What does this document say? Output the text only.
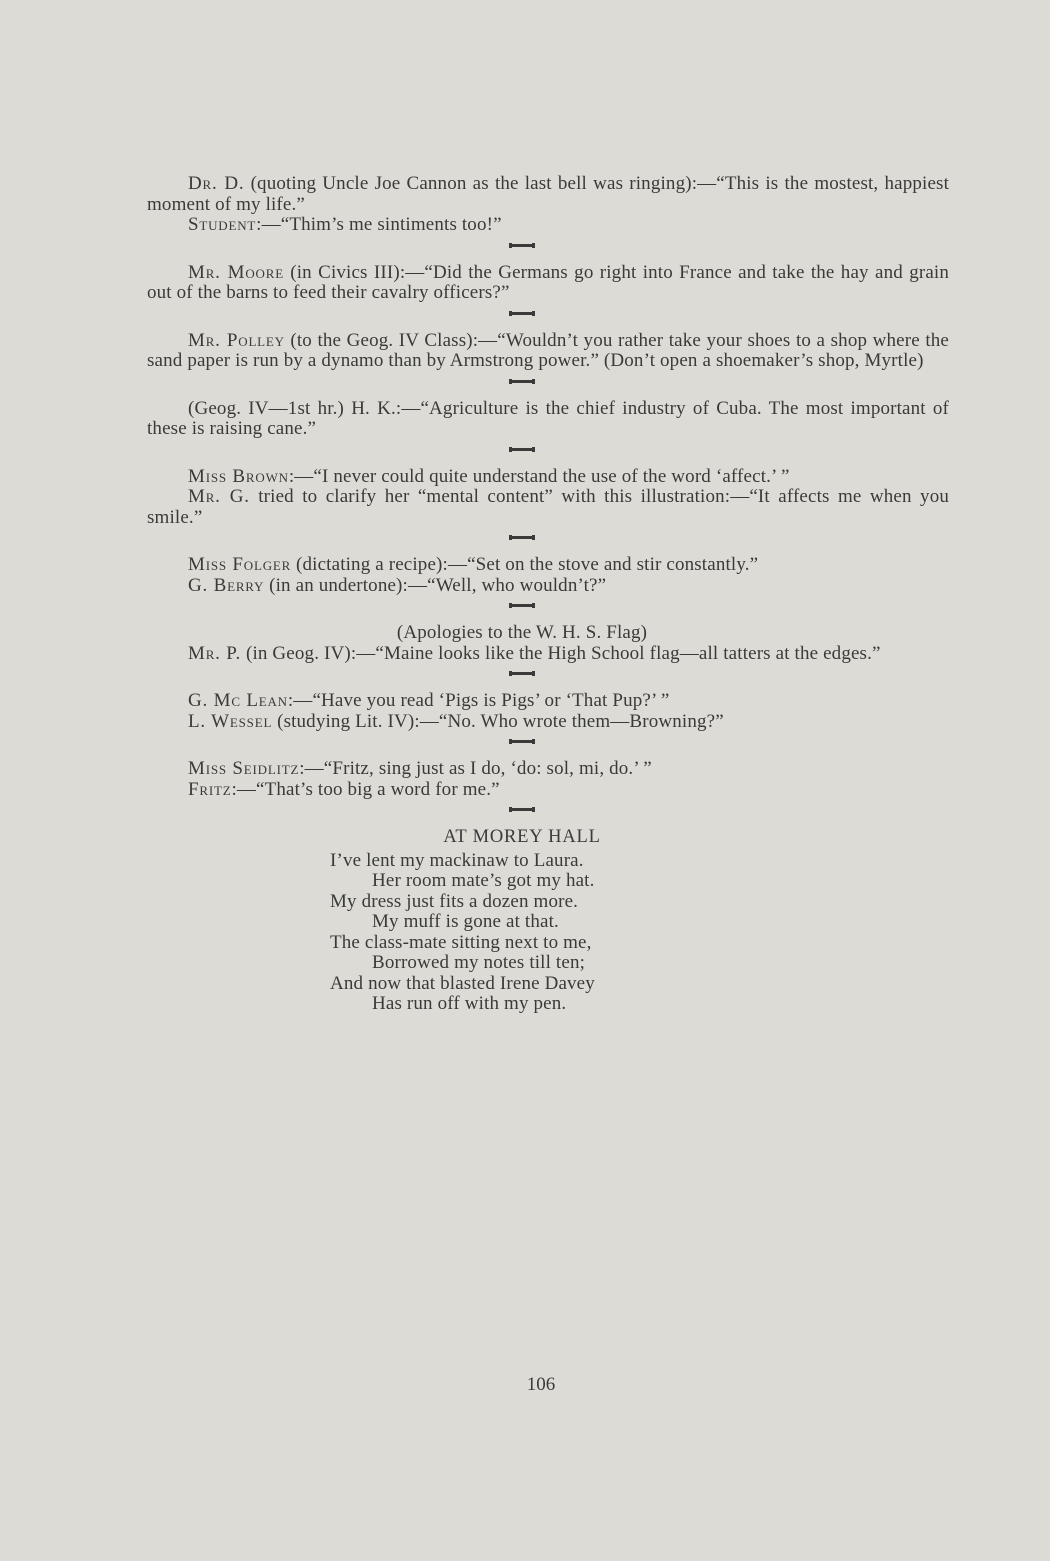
Dr. D. (quoting Uncle Joe Cannon as the last bell was ringing):—“This is the mostest, happiest moment of my life.”

Student:—“Thim’s me sintiments too!”

Mr. Moore (in Civics III):—“Did the Germans go right into France and take the hay and grain out of the barns to feed their cavalry officers?”

Mr. Polley (to the Geog. IV Class):—“Wouldn’t you rather take your shoes to a shop where the sand paper is run by a dynamo than by Armstrong power.” (Don’t open a shoemaker’s shop, Myrtle)

(Geog. IV—1st hr.) H. K.:—“Agriculture is the chief industry of Cuba. The most important of these is raising cane.”

Miss Brown:—“I never could quite understand the use of the word ‘affect.’ ”

Mr. G. tried to clarify her “mental content” with this illustration:—“It affects me when you smile.”

Miss Folger (dictating a recipe):—“Set on the stove and stir constantly.”

G. Berry (in an undertone):—“Well, who wouldn’t?”

(Apologies to the W. H. S. Flag)

Mr. P. (in Geog. IV):—“Maine looks like the High School flag—all tatters at the edges.”

G. Mc Lean:—“Have you read ‘Pigs is Pigs’ or ‘That Pup?’ ”

L. Wessel (studying Lit. IV):—“No. Who wrote them—Browning?”

Miss Seidlitz:—“Fritz, sing just as I do, ‘do: sol, mi, do.’ ”

Fritz:—“That’s too big a word for me.”

AT MOREY HALL

I’ve lent my mackinaw to Laura.
Her room mate’s got my hat.
My dress just fits a dozen more.
My muff is gone at that.
The class-mate sitting next to me,
Borrowed my notes till ten;
And now that blasted Irene Davey
Has run off with my pen.
106
